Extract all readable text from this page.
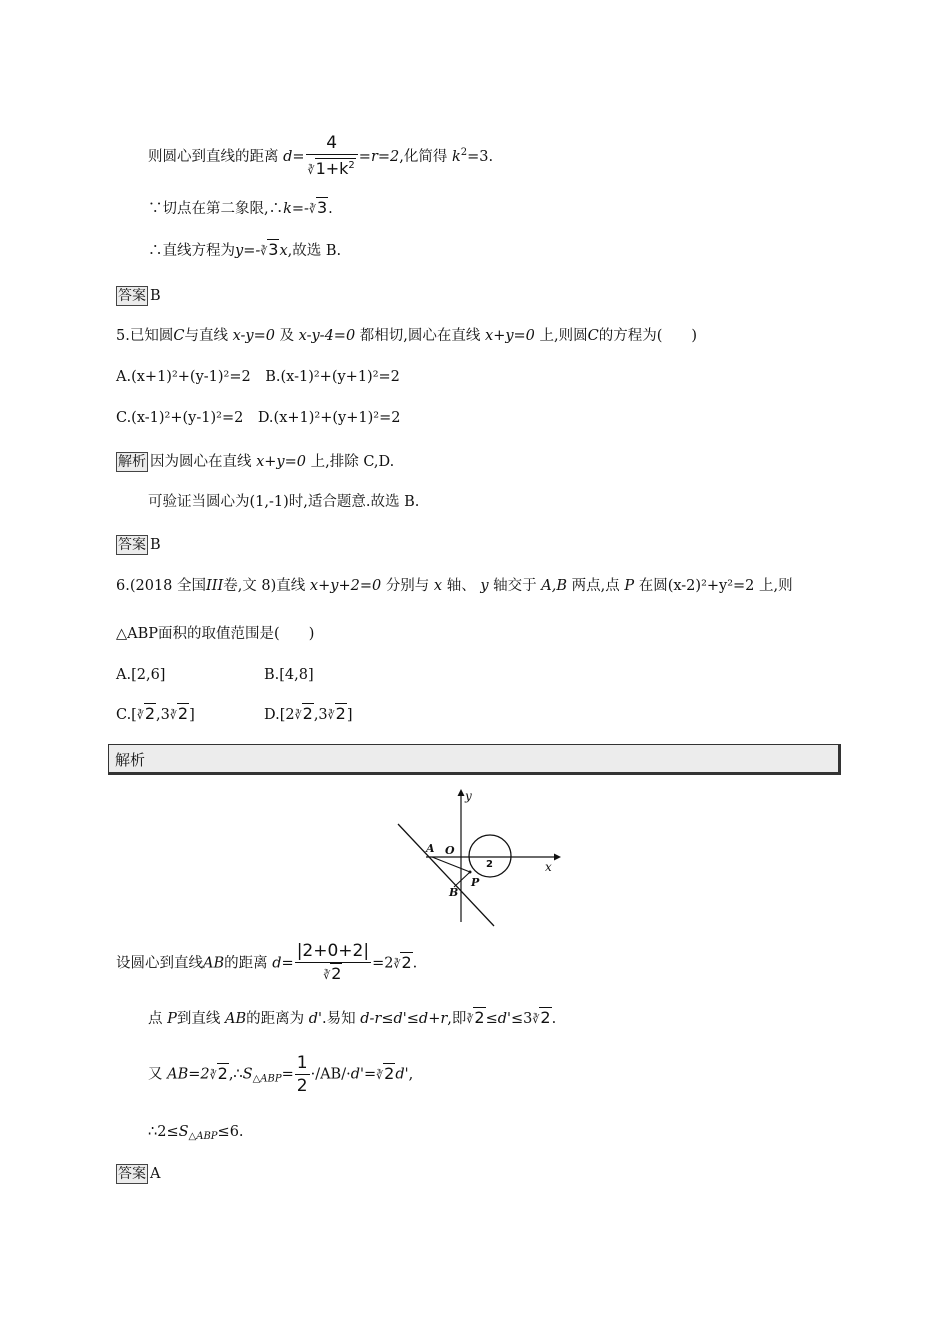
则圆心到直线的距离 $d= \frac{4}{∛1+k^2} =r=2$,化简得 $k^2=3$.
∵切点在第二象限,∴k=-∛3.
∴直线方程为y=-∛3x,故选 B.
答案 B
5.已知圆C与直线 x-y=0 及 x-y-4=0 都相切,圆心在直线 x+y=0 上,则圆C的方程为(　　)
A.(x+1)²+(y-1)²=2　B.(x-1)²+(y+1)²=2
C.(x-1)²+(y-1)²=2　D.(x+1)²+(y+1)²=2
解析 因为圆心在直线 x+y=0 上,排除 C,D.
可验证当圆心为(1,-1)时,适合题意.故选 B.
答案 B
6.(2018 全国III卷,文 8)直线 x+y+2=0 分别与 x 轴、 y 轴交于 A,B 两点,点 P 在圆(x-2)²+y²=2 上,则
△ABP面积的取值范围是(　　)
A.[2,6]	B.[4,8]
C.[∛2,3∛2]	D.[2∛2,3∛2]
解析
y
x
O
A
B
P
2
设圆心到直线AB的距离 $d= \frac{|2+0+2|}{∛2}$ =2∛2.
点 P到直线 AB的距离为 d'.易知 d-r≤d'≤d+r,即∛2≤d'≤3∛2.
又 $AB=2∛2,\therefore S_{\triangle ABP}= \frac{1}{2}$ ·/AB/·d'=∛2d',
$\therefore 2\le S_{\triangle ABP}\le 6$.
答案 A
